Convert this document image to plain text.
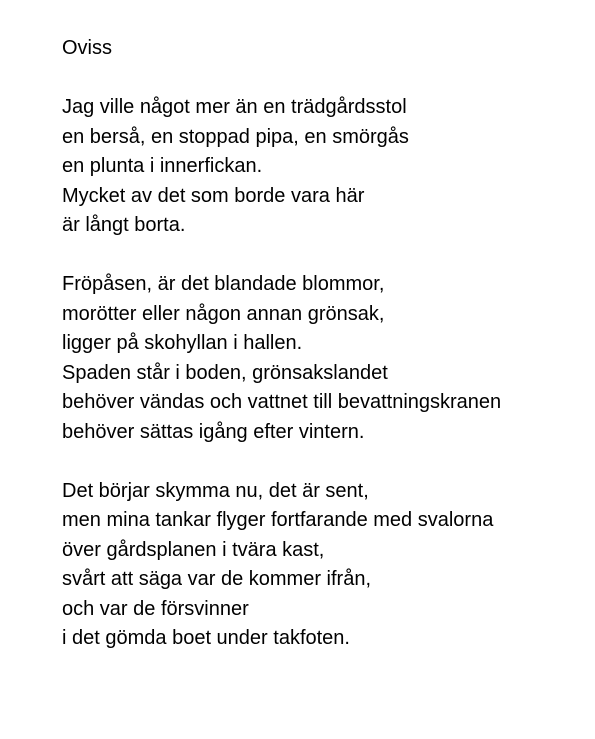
Oviss
Jag ville något mer än en trädgårdsstol
en berså, en stoppad pipa, en smörgås
en plunta i innerfickan.
Mycket av det som borde vara här
är långt borta.
Fröpåsen, är det blandade blommor,
morötter eller någon annan grönsak,
ligger på skohyllan i hallen.
Spaden står i boden, grönsakslandet
behöver vändas och vattnet till bevattningskranen
behöver sättas igång efter vintern.
Det börjar skymma nu, det är sent,
men mina tankar flyger fortfarande med svalorna
över gårdsplanen i tvära kast,
svårt att säga var de kommer ifrån,
och var de försvinner
i det gömda boet under takfoten.
